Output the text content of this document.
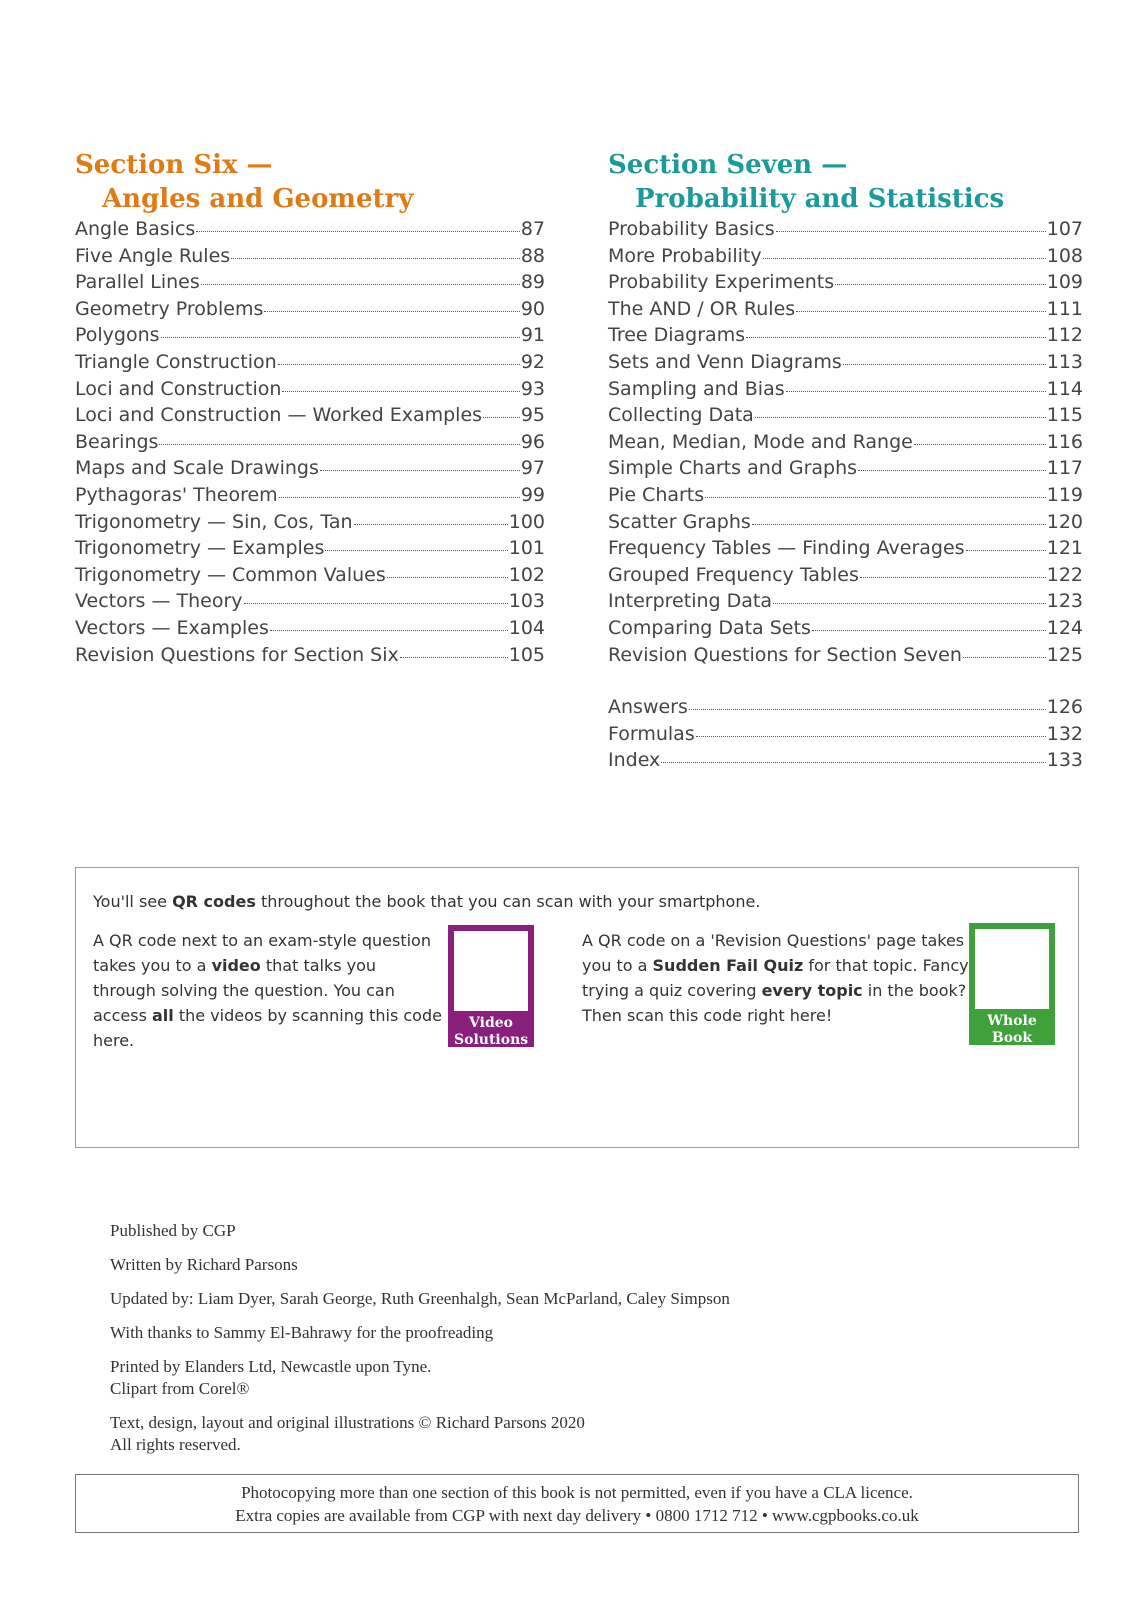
Section Six —
Angles and Geometry
Angle Basics	87
Five Angle Rules	88
Parallel Lines	89
Geometry Problems	90
Polygons	91
Triangle Construction	92
Loci and Construction	93
Loci and Construction — Worked Examples 95
Bearings	96
Maps and Scale Drawings	97
Pythagoras' Theorem	99
Trigonometry — Sin, Cos, Tan	100
Trigonometry — Examples	101
Trigonometry — Common Values	102
Vectors — Theory	103
Vectors — Examples	104
Revision Questions for Section Six	105
Section Seven —
Probability and Statistics
Probability Basics	107
More Probability	108
Probability Experiments	109
The AND / OR Rules	111
Tree Diagrams	112
Sets and Venn Diagrams	113
Sampling and Bias	114
Collecting Data	115
Mean, Median, Mode and Range	116
Simple Charts and Graphs	117
Pie Charts	119
Scatter Graphs	120
Frequency Tables — Finding Averages	121
Grouped Frequency Tables	122
Interpreting Data	123
Comparing Data Sets	124
Revision Questions for Section Seven	125
Answers	126
Formulas	132
Index	133
You'll see QR codes throughout the book that you can scan with your smartphone.
A QR code next to an exam-style question takes you to a video that talks you through solving the question. You can access all the videos by scanning this code here.
Video
Solutions
A QR code on a 'Revision Questions' page takes you to a Sudden Fail Quiz for that topic. Fancy trying a quiz covering every topic in the book? Then scan this code right here!	Whole
Book Quiz

Published by CGP

Written by Richard Parsons

Updated by: Liam Dyer, Sarah George, Ruth Greenhalgh, Sean McParland, Caley Simpson

With thanks to Sammy El-Bahrawy for the proofreading

Printed by Elanders Ltd, Newcastle upon Tyne.
Clipart from Corel®

Text, design, layout and original illustrations © Richard Parsons 2020
All rights reserved.

Photocopying more than one section of this book is not permitted, even if you have a CLA licence.
Extra copies are available from CGP with next day delivery • 0800 1712 712 • www.cgpbooks.co.uk
